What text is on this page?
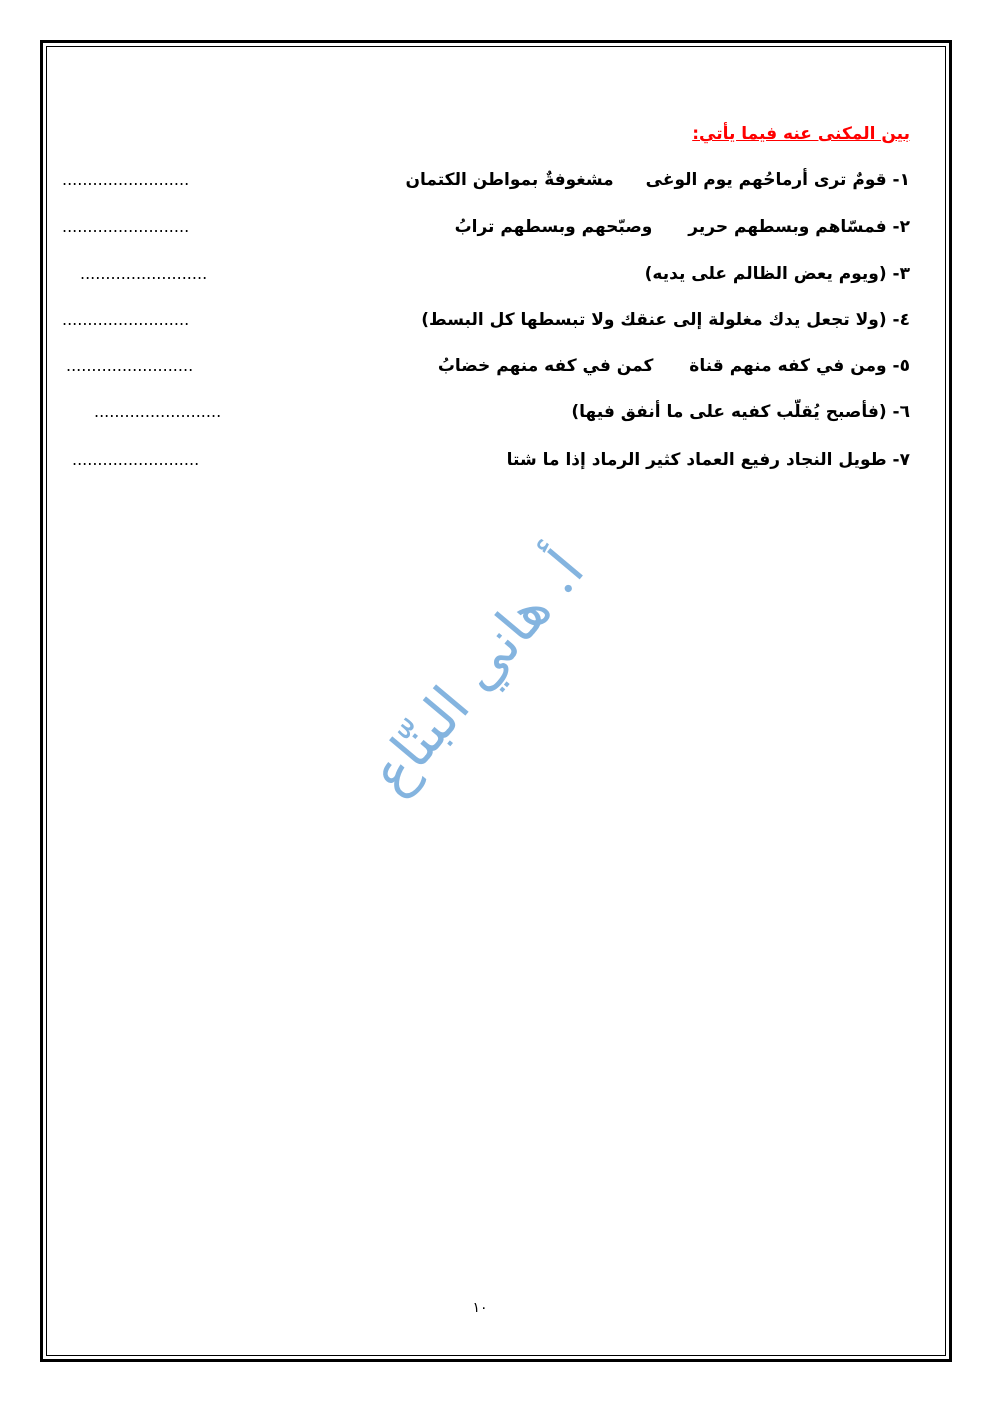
بين المكنى عنه فيما يأتي:
١- قومٌ ترى أرماحُهم يوم الوغى مشغوفةٌ بمواطن الكتمان
.........................
٢- فمسّاهم وبسطهم حرير وصبّحهم وبسطهم ترابُ
.........................
٣- (ويوم يعض الظالم على يديه)
.........................
٤- (ولا تجعل يدك مغلولة إلى عنقك ولا تبسطها كل البسط)
.........................
٥- ومن في كفه منهم قناة كمن في كفه منهم خضابُ
.........................
٦- (فأصبح يُقلّب كفيه على ما أنفق فيها)
.........................
٧- طويل النجاد رفيع العماد كثير الرماد إذا ما شتا
.........................
أ. هاني البنّاع
١٠
